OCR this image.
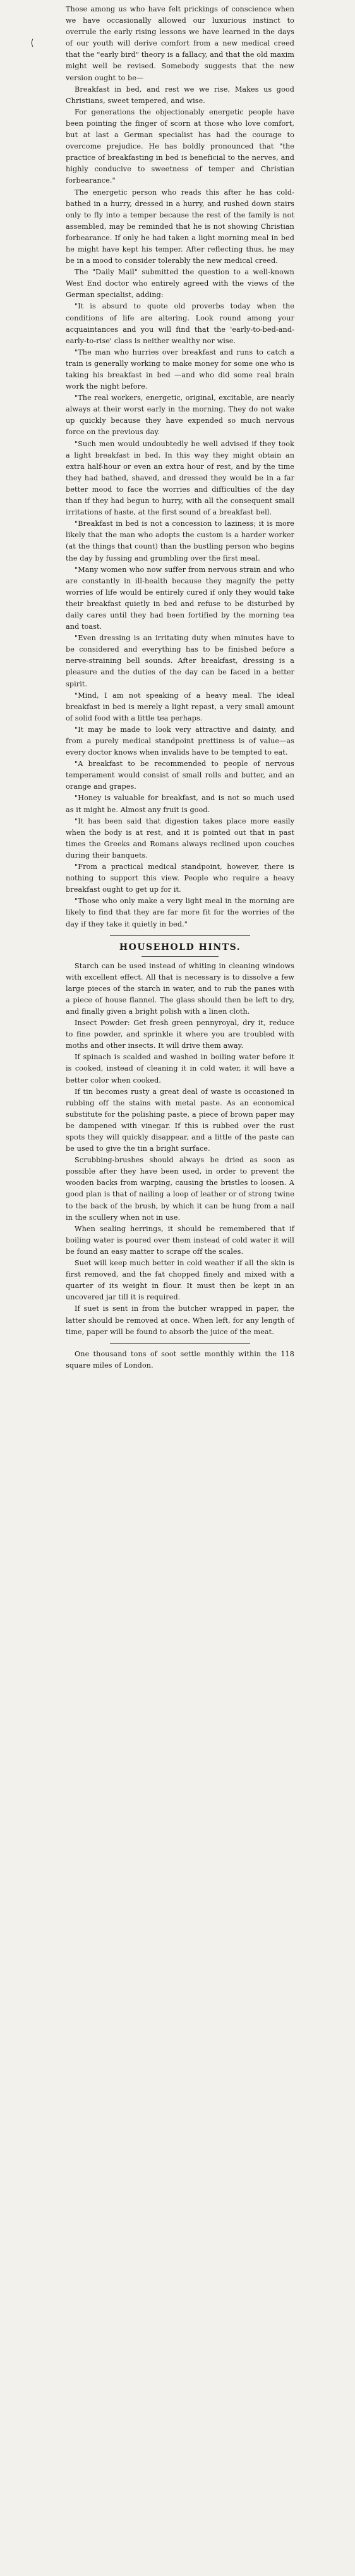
⟨

Those among us who have felt prickings of conscience when we have occasionally allowed our luxurious instinct to overrule the early rising lessons we have learned in the days of our youth will derive comfort from a new medical creed that the "early bird" theory is a fallacy, and that the old maxim might well be revised. Somebody suggests that the new version ought to be—

Breakfast in bed, and rest we we rise, Makes us good Christians, sweet tempered, and wise.

For generations the objectionably energetic people have been pointing the finger of scorn at those who love comfort, but at last a German specialist has had the courage to overcome prejudice. He has boldly pronounced that "the practice of breakfasting in bed is beneficial to the nerves, and highly conducive to sweetness of temper and Christian forbearance."

The energetic person who reads this after he has cold-bathed in a hurry, dressed in a hurry, and rushed down stairs only to fly into a temper because the rest of the family is not assembled, may be reminded that he is not showing Christian forbearance. If only he had taken a light morning meal in bed he might have kept his temper. After reflecting thus, he may be in a mood to consider tolerably the new medical creed.

The "Daily Mail" submitted the question to a well-known West End doctor who entirely agreed with the views of the German specialist, adding:

"It is absurd to quote old proverbs today when the conditions of life are altering. Look round among your acquaintances and you will find that the 'early-to-bed-and-early-to-rise' class is neither wealthy nor wise.

"The man who hurries over breakfast and runs to catch a train is generally working to make money for some one who is taking his breakfast in bed —and who did some real brain work the night before.

"The real workers, energetic, original, excitable, are nearly always at their worst early in the morning. They do not wake up quickly because they have expended so much nervous force on the previous day.

"Such men would undoubtedly be well advised if they took a light breakfast in bed. In this way they might obtain an extra half-hour or even an extra hour of rest, and by the time they had bathed, shaved, and dressed they would be in a far better mood to face the worries and difficulties of the day than if they had begun to hurry, with all the consequent small irritations of haste, at the first sound of a breakfast bell.

"Breakfast in bed is not a concession to laziness; it is more likely that the man who adopts the custom is a harder worker (at the things that count) than the bustling person who begins the day by fussing and grumbling over the first meal.

"Many women who now suffer from nervous strain and who are constantly in ill-health because they magnify the petty worries of life would be entirely cured if only they would take their breakfast quietly in bed and refuse to be disturbed by daily cares until they had been fortified by the morning tea and toast.

"Even dressing is an irritating duty when minutes have to be considered and everything has to be finished before a nerve-straining bell sounds. After breakfast, dressing is a pleasure and the duties of the day can be faced in a better spirit.

"Mind, I am not speaking of a heavy meal. The ideal breakfast in bed is merely a light repast, a very small amount of solid food with a little tea perhaps.

"It may be made to look very attractive and dainty, and from a purely medical standpoint prettiness is of value—as every doctor knows when invalids have to be tempted to eat.

"A breakfast to be recommended to people of nervous temperament would consist of small rolls and butter, and an orange and grapes.

"Honey is valuable for breakfast, and is not so much used as it might be. Almost any fruit is good.

"It has been said that digestion takes place more easily when the body is at rest, and it is pointed out that in past times the Greeks and Romans always reclined upon couches during their banquets.

"From a practical medical standpoint, however, there is nothing to support this view. People who require a heavy breakfast ought to get up for it.

"Those who only make a very light meal in the morning are likely to find that they are far more fit for the worries of the day if they take it quietly in bed."

HOUSEHOLD HINTS.

Starch can be used instead of whiting in cleaning windows with excellent effect. All that is necessary is to dissolve a few large pieces of the starch in water, and to rub the panes with a piece of house flannel. The glass should then be left to dry, and finally given a bright polish with a linen cloth.

Insect Powder: Get fresh green pennyroyal, dry it, reduce to fine powder, and sprinkle it where you are troubled with moths and other insects. It will drive them away.

If spinach is scalded and washed in boiling water before it is cooked, instead of cleaning it in cold water, it will have a better color when cooked.

If tin becomes rusty a great deal of waste is occasioned in rubbing off the stains with metal paste. As an economical substitute for the polishing paste, a piece of brown paper may be dampened with vinegar. If this is rubbed over the rust spots they will quickly disappear, and a little of the paste can be used to give the tin a bright surface.

Scrubbing-brushes should always be dried as soon as possible after they have been used, in order to prevent the wooden backs from warping, causing the bristles to loosen. A good plan is that of nailing a loop of leather or of strong twine to the back of the brush, by which it can be hung from a nail in the scullery when not in use.

When sealing herrings, it should be remembered that if boiling water is poured over them instead of cold water it will be found an easy matter to scrape off the scales.

Suet will keep much better in cold weather if all the skin is first removed, and the fat chopped finely and mixed with a quarter of its weight in flour. It must then be kept in an uncovered jar till it is required.

If suet is sent in from the butcher wrapped in paper, the latter should be removed at once. When left, for any length of time, paper will be found to absorb the juice of the meat.

One thousand tons of soot settle monthly within the 118 square miles of London.
